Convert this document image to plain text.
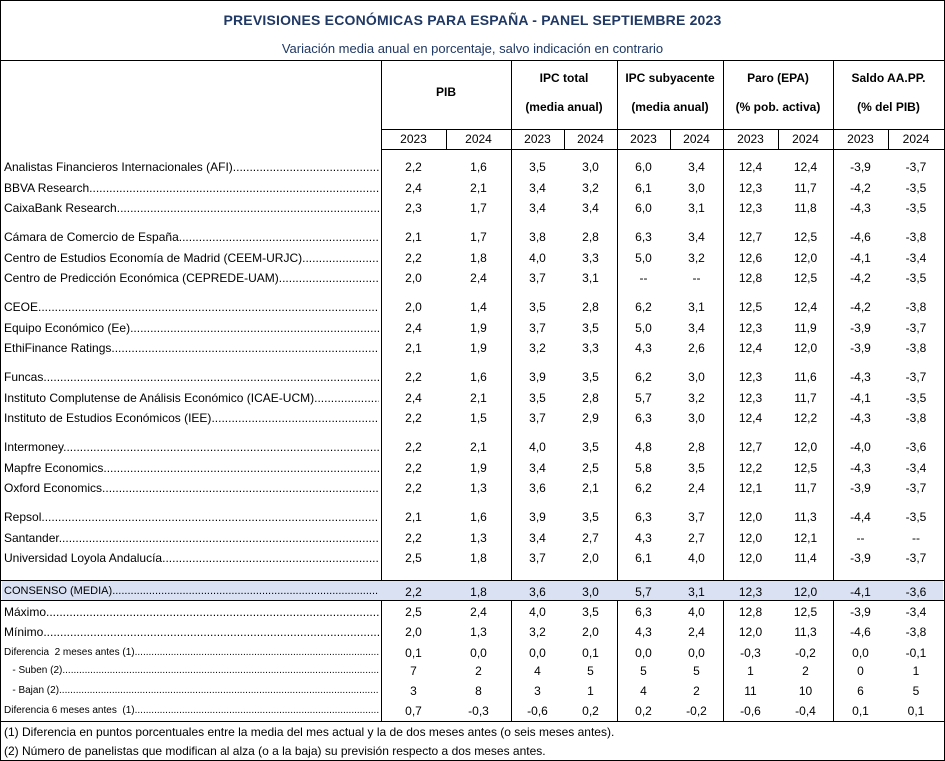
PREVISIONES ECONÓMICAS PARA ESPAÑA - PANEL SEPTIEMBRE 2023
Variación media anual en porcentaje, salvo indicación en contrario
PIB
IPC total
(media anual)
IPC subyacente
(media anual)
Paro (EPA)
(% pob. activa)
Saldo AA.PP.
(% del PIB)
2023	2024	2023	2024	2023	2024	2023	2024	2023	2024
Analistas Financieros Internacionales (AFI) .....	2,2	1,6	3,5	3,0	6,0	3,4	12,4	12,4	-3,9	-3,7
BBVA Research .....	2,4	2,1	3,4	3,2	6,1	3,0	12,3	11,7	-4,2	-3,5
CaixaBank Research .....	2,3	1,7	3,4	3,4	6,0	3,1	12,3	11,8	-4,3	-3,5
Cámara de Comercio de España .....	2,1	1,7	3,8	2,8	6,3	3,4	12,7	12,5	-4,6	-3,8
Centro de Estudios Economía de Madrid (CEEM-URJC) .....	2,2	1,8	4,0	3,3	5,0	3,2	12,6	12,0	-4,1	-3,4
Centro de Predicción Económica (CEPREDE-UAM) .....	2,0	2,4	3,7	3,1	--	--	12,8	12,5	-4,2	-3,5
CEOE .....	2,0	1,4	3,5	2,8	6,2	3,1	12,5	12,4	-4,2	-3,8
Equipo Económico (Ee) .....	2,4	1,9	3,7	3,5	5,0	3,4	12,3	11,9	-3,9	-3,7
EthiFinance Ratings .....	2,1	1,9	3,2	3,3	4,3	2,6	12,4	12,0	-3,9	-3,8
Funcas .....	2,2	1,6	3,9	3,5	6,2	3,0	12,3	11,6	-4,3	-3,7
Instituto Complutense de Análisis Económico (ICAE-UCM) .....	2,4	2,1	3,5	2,8	5,7	3,2	12,3	11,7	-4,1	-3,5
Instituto de Estudios Económicos (IEE) .....	2,2	1,5	3,7	2,9	6,3	3,0	12,4	12,2	-4,3	-3,8
Intermoney .....	2,2	2,1	4,0	3,5	4,8	2,8	12,7	12,0	-4,0	-3,6
Mapfre Economics .....	2,2	1,9	3,4	2,5	5,8	3,5	12,2	12,5	-4,3	-3,4
Oxford Economics .....	2,2	1,3	3,6	2,1	6,2	2,4	12,1	11,7	-3,9	-3,7
Repsol .....	2,1	1,6	3,9	3,5	6,3	3,7	12,0	11,3	-4,4	-3,5
Santander .....	2,2	1,3	3,4	2,7	4,3	2,7	12,0	12,1	--	--
Universidad Loyola Andalucía .....	2,5	1,8	3,7	2,0	6,1	4,0	12,0	11,4	-3,9	-3,7
CONSENSO (MEDIA) .....	2,2	1,8	3,6	3,0	5,7	3,1	12,3	12,0	-4,1	-3,6
Máximo .....	2,5	2,4	4,0	3,5	6,3	4,0	12,8	12,5	-3,9	-3,4
Mínimo .....	2,0	1,3	3,2	2,0	4,3	2,4	12,0	11,3	-4,6	-3,8
Diferencia  2 meses antes (1) .....	0,1	0,0	0,0	0,1	0,0	0,0	-0,3	-0,2	0,0	-0,1
- Suben (2) .....	7	2	4	5	5	5	1	2	0	1
- Bajan (2) .....	3	8	3	1	4	2	11	10	6	5
Diferencia 6 meses antes  (1) .....	0,7	-0,3	-0,6	0,2	0,2	-0,2	-0,6	-0,4	0,1	0,1
(1) Diferencia en puntos porcentuales entre la media del mes actual y la de dos meses antes (o seis meses antes).
(2) Número de panelistas que modifican al alza (o a la baja) su previsión respecto a dos meses antes.
